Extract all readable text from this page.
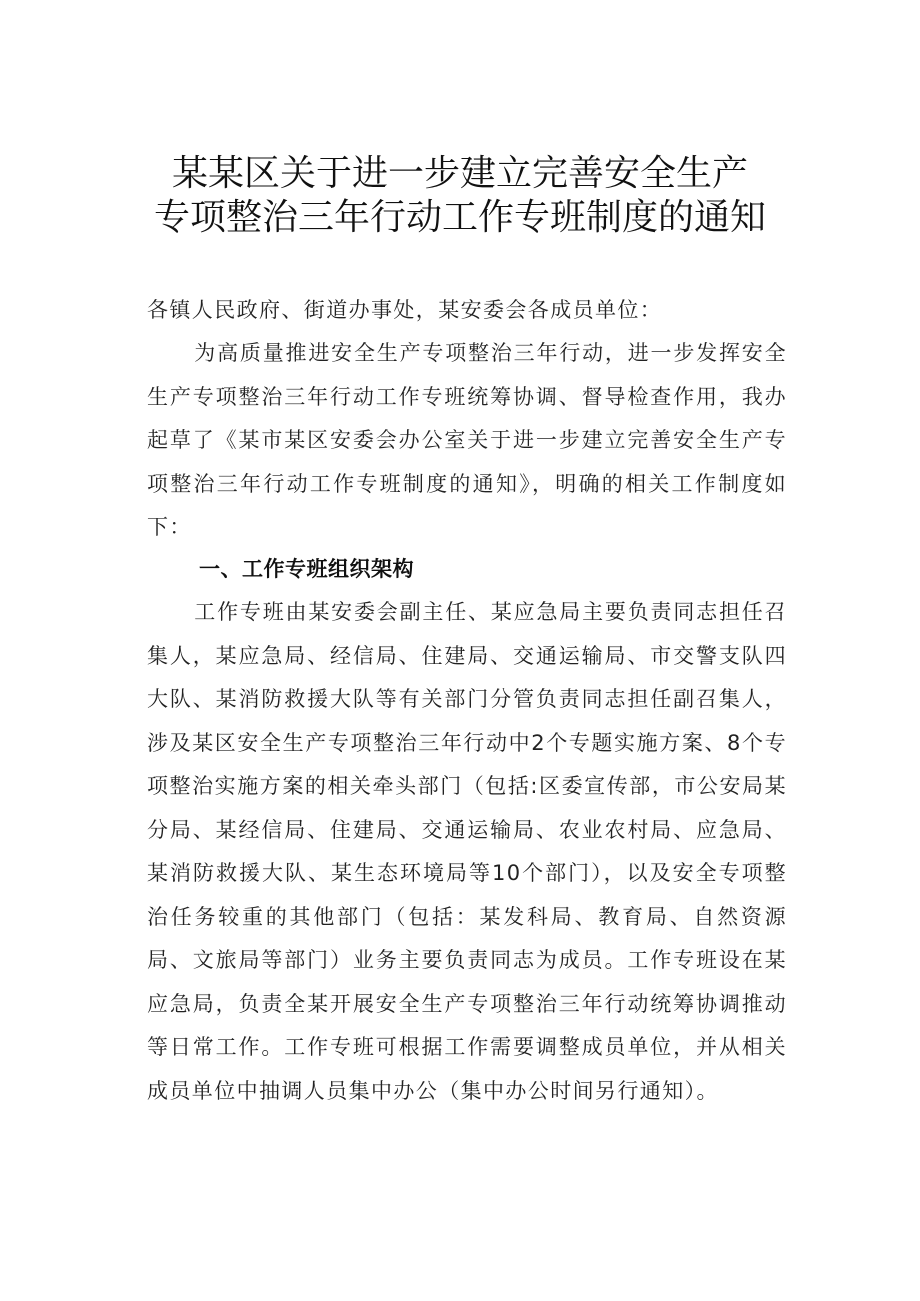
某某区关于进一步建立完善安全生产
专项整治三年行动工作专班制度的通知

各镇人民政府、街道办事处，某安委会各成员单位：

为高质量推进安全生产专项整治三年行动，进一步发挥安全生产专项整治三年行动工作专班统筹协调、督导检查作用，我办起草了《某市某区安委会办公室关于进一步建立完善安全生产专项整治三年行动工作专班制度的通知》，明确的相关工作制度如下：

一、工作专班组织架构

工作专班由某安委会副主任、某应急局主要负责同志担任召集人，某应急局、经信局、住建局、交通运输局、市交警支队四大队、某消防救援大队等有关部门分管负责同志担任副召集人，涉及某区安全生产专项整治三年行动中2个专题实施方案、8个专项整治实施方案的相关牵头部门（包括:区委宣传部，市公安局某分局、某经信局、住建局、交通运输局、农业农村局、应急局、某消防救援大队、某生态环境局等10个部门），以及安全专项整治任务较重的其他部门（包括：某发科局、教育局、自然资源局、文旅局等部门）业务主要负责同志为成员。工作专班设在某应急局，负责全某开展安全生产专项整治三年行动统筹协调推动等日常工作。工作专班可根据工作需要调整成员单位，并从相关成员单位中抽调人员集中办公（集中办公时间另行通知）。
